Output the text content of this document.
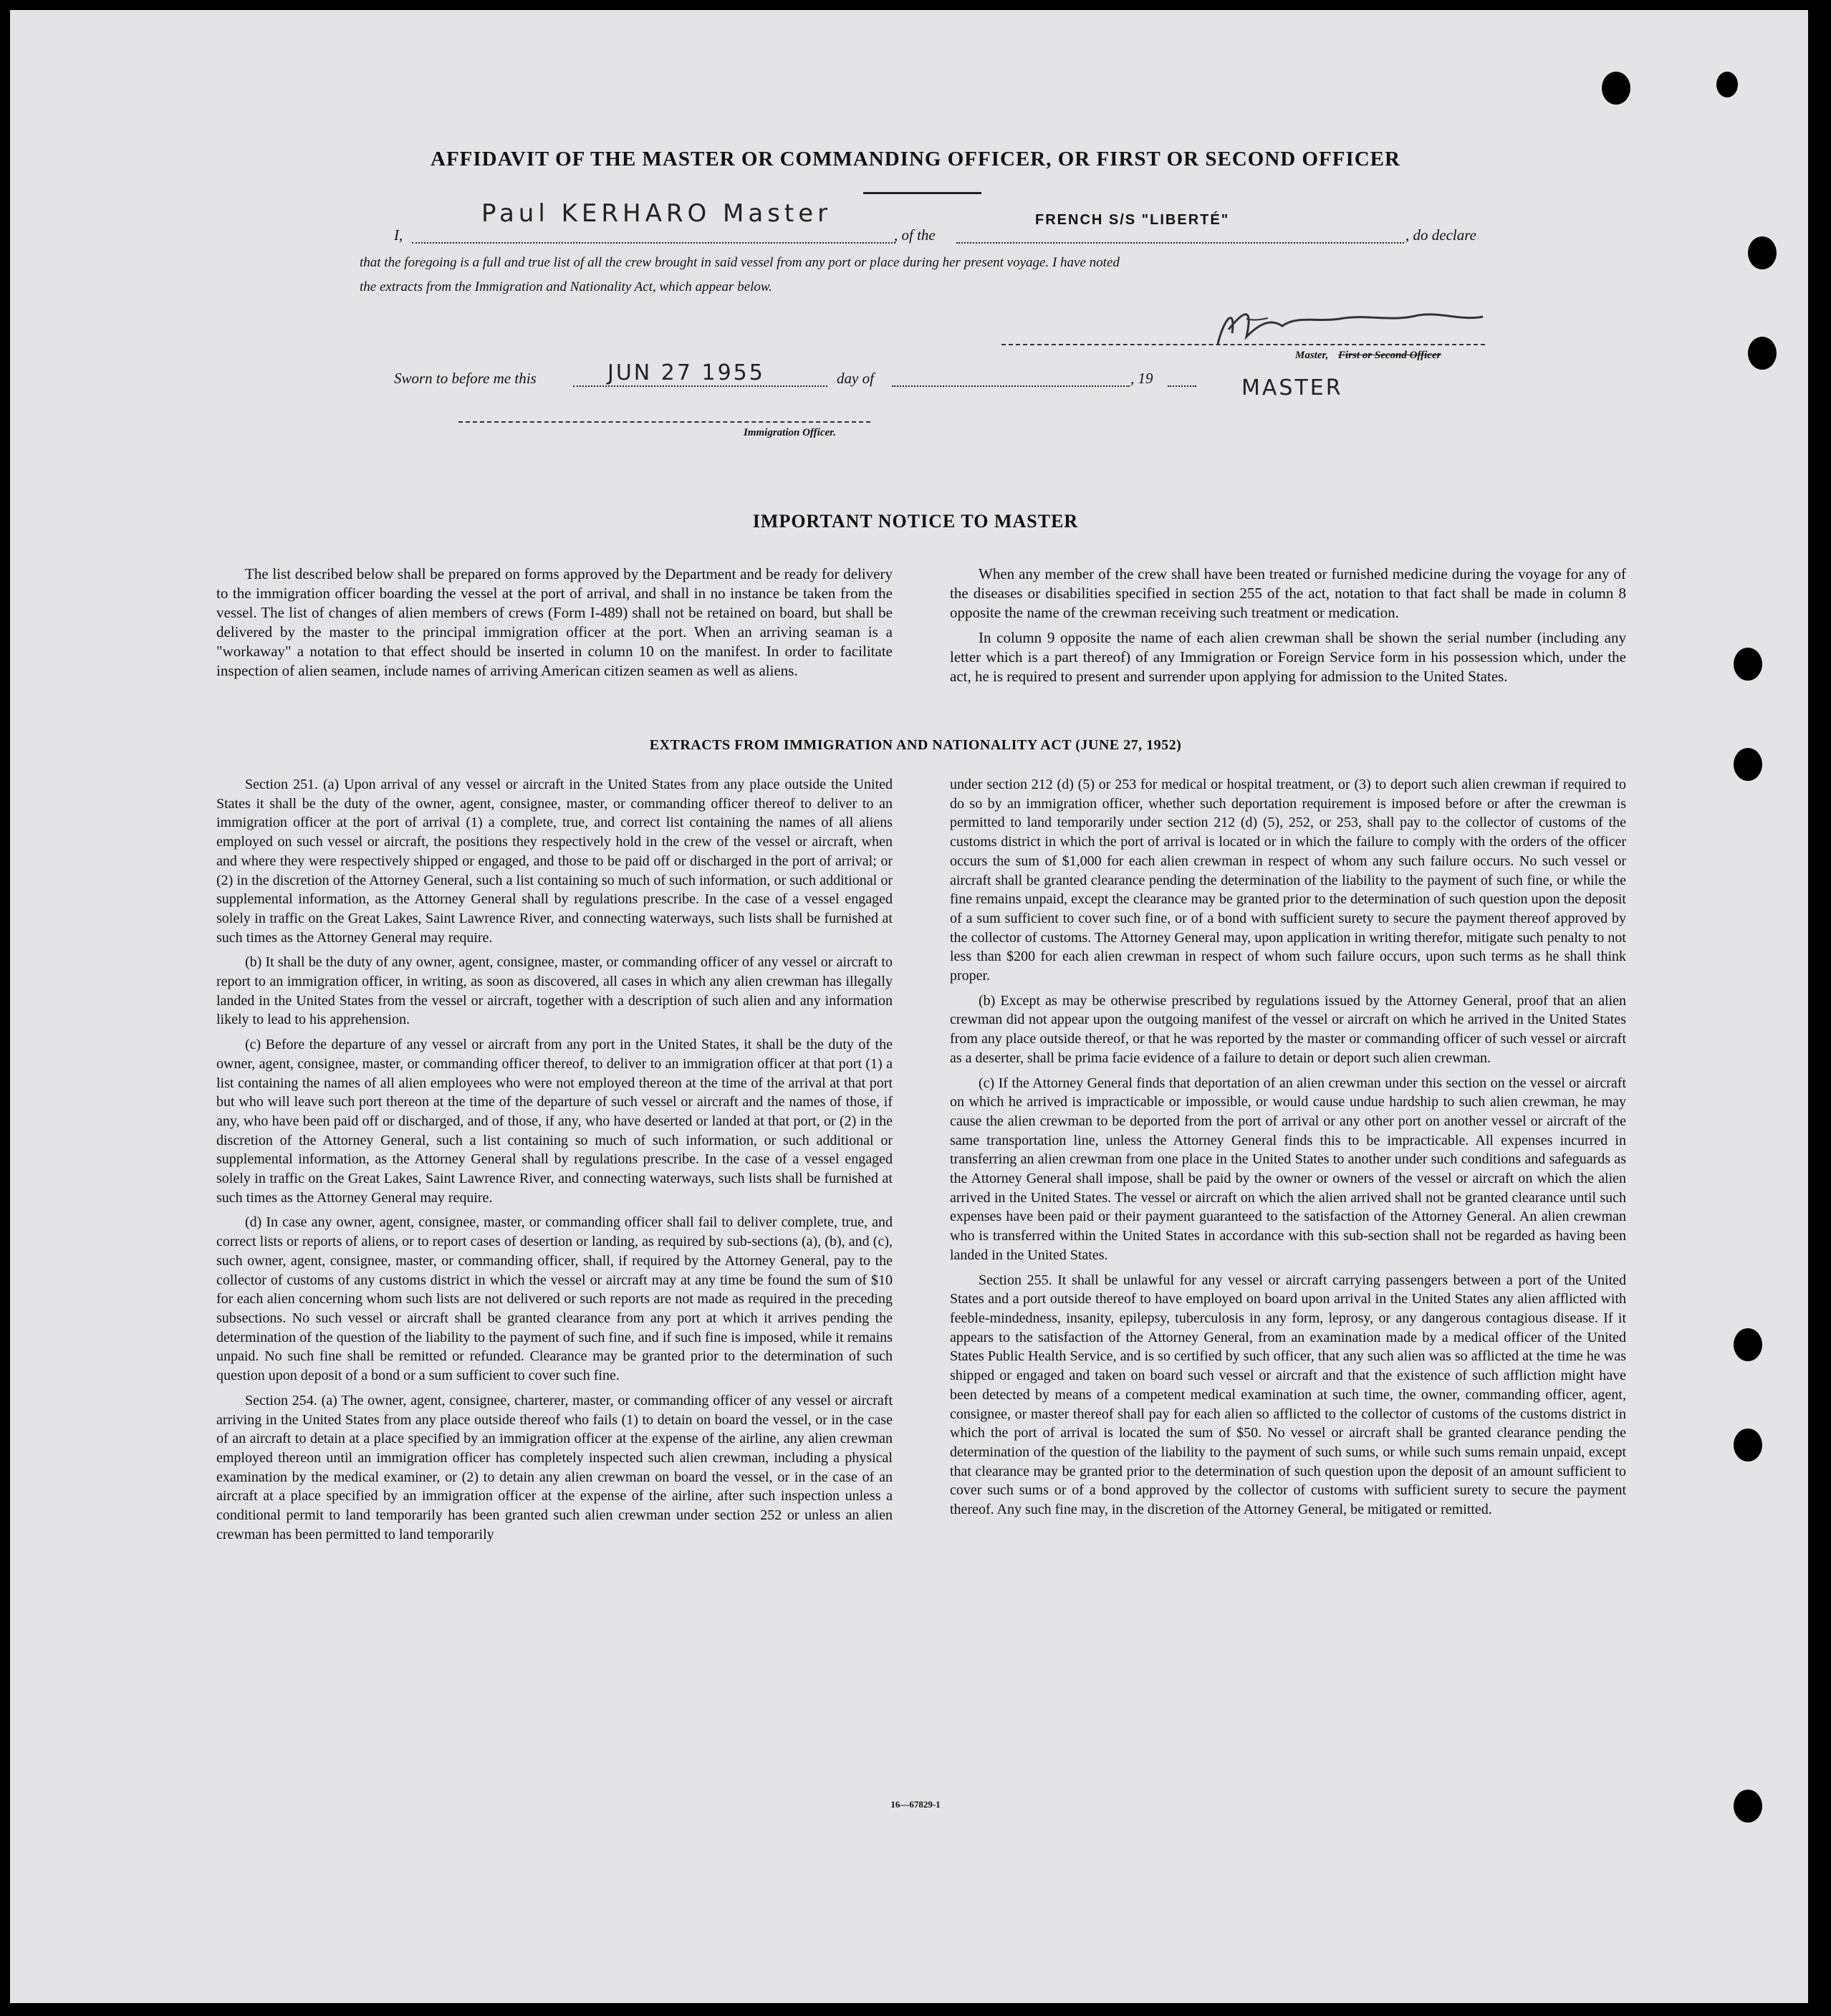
AFFIDAVIT OF THE MASTER OR COMMANDING OFFICER, OR FIRST OR SECOND OFFICER
Paul KERHARO Master
I,	, of the
FRENCH S/S "LIBERTÉ"
, do declare
that the foregoing is a full and true list of all the crew brought in said vessel from any port or place during her present voyage. I have noted
the extracts from the Immigration and Nationality Act, which appear below.
Master, First or Second Officer
Sworn to before me this	JUN 27 1955	day of	, 19	MASTER
Immigration Officer.
IMPORTANT NOTICE TO MASTER

The list described below shall be prepared on forms approved by the Department and be ready for delivery to the immigration officer boarding the vessel at the port of arrival, and shall in no instance be taken from the vessel. The list of changes of alien members of crews (Form I-489) shall not be retained on board, but shall be delivered by the master to the principal immigration officer at the port. When an arriving seaman is a "workaway" a notation to that effect should be inserted in column 10 on the manifest. In order to facilitate inspection of alien seamen, include names of arriving American citizen seamen as well as aliens.

When any member of the crew shall have been treated or furnished medicine during the voyage for any of the diseases or disabilities specified in section 255 of the act, notation to that fact shall be made in column 8 opposite the name of the crewman receiving such treatment or medication.

In column 9 opposite the name of each alien crewman shall be shown the serial number (including any letter which is a part thereof) of any Immigration or Foreign Service form in his possession which, under the act, he is required to present and surrender upon applying for admission to the United States.

EXTRACTS FROM IMMIGRATION AND NATIONALITY ACT (JUNE 27, 1952)

Section 251. (a) Upon arrival of any vessel or aircraft in the United States from any place outside the United States it shall be the duty of the owner, agent, consignee, master, or commanding officer thereof to deliver to an immigration officer at the port of arrival (1) a complete, true, and correct list containing the names of all aliens employed on such vessel or aircraft, the positions they respectively hold in the crew of the vessel or aircraft, when and where they were respectively shipped or engaged, and those to be paid off or discharged in the port of arrival; or (2) in the discretion of the Attorney General, such a list containing so much of such information, or such additional or supplemental information, as the Attorney General shall by regulations prescribe. In the case of a vessel engaged solely in traffic on the Great Lakes, Saint Lawrence River, and connecting waterways, such lists shall be furnished at such times as the Attorney General may require.

(b) It shall be the duty of any owner, agent, consignee, master, or commanding officer of any vessel or aircraft to report to an immigration officer, in writing, as soon as discovered, all cases in which any alien crewman has illegally landed in the United States from the vessel or aircraft, together with a description of such alien and any information likely to lead to his apprehension.

(c) Before the departure of any vessel or aircraft from any port in the United States, it shall be the duty of the owner, agent, consignee, master, or commanding officer thereof, to deliver to an immigration officer at that port (1) a list containing the names of all alien employees who were not employed thereon at the time of the arrival at that port but who will leave such port thereon at the time of the departure of such vessel or aircraft and the names of those, if any, who have been paid off or discharged, and of those, if any, who have deserted or landed at that port, or (2) in the discretion of the Attorney General, such a list containing so much of such information, or such additional or supplemental information, as the Attorney General shall by regulations prescribe. In the case of a vessel engaged solely in traffic on the Great Lakes, Saint Lawrence River, and connecting waterways, such lists shall be furnished at such times as the Attorney General may require.

(d) In case any owner, agent, consignee, master, or commanding officer shall fail to deliver complete, true, and correct lists or reports of aliens, or to report cases of desertion or landing, as required by sub-sections (a), (b), and (c), such owner, agent, consignee, master, or commanding officer, shall, if required by the Attorney General, pay to the collector of customs of any customs district in which the vessel or aircraft may at any time be found the sum of $10 for each alien concerning whom such lists are not delivered or such reports are not made as required in the preceding subsections. No such vessel or aircraft shall be granted clearance from any port at which it arrives pending the determination of the question of the liability to the payment of such fine, and if such fine is imposed, while it remains unpaid. No such fine shall be remitted or refunded. Clearance may be granted prior to the determination of such question upon deposit of a bond or a sum sufficient to cover such fine.

Section 254. (a) The owner, agent, consignee, charterer, master, or commanding officer of any vessel or aircraft arriving in the United States from any place outside thereof who fails (1) to detain on board the vessel, or in the case of an aircraft to detain at a place specified by an immigration officer at the expense of the airline, any alien crewman employed thereon until an immigration officer has completely inspected such alien crewman, including a physical examination by the medical examiner, or (2) to detain any alien crewman on board the vessel, or in the case of an aircraft at a place specified by an immigration officer at the expense of the airline, after such inspection unless a conditional permit to land temporarily has been granted such alien crewman under section 252 or unless an alien crewman has been permitted to land temporarily

under section 212 (d) (5) or 253 for medical or hospital treatment, or (3) to deport such alien crewman if required to do so by an immigration officer, whether such deportation requirement is imposed before or after the crewman is permitted to land temporarily under section 212 (d) (5), 252, or 253, shall pay to the collector of customs of the customs district in which the port of arrival is located or in which the failure to comply with the orders of the officer occurs the sum of $1,000 for each alien crewman in respect of whom any such failure occurs. No such vessel or aircraft shall be granted clearance pending the determination of the liability to the payment of such fine, or while the fine remains unpaid, except the clearance may be granted prior to the determination of such question upon the deposit of a sum sufficient to cover such fine, or of a bond with sufficient surety to secure the payment thereof approved by the collector of customs. The Attorney General may, upon application in writing therefor, mitigate such penalty to not less than $200 for each alien crewman in respect of whom such failure occurs, upon such terms as he shall think proper.

(b) Except as may be otherwise prescribed by regulations issued by the Attorney General, proof that an alien crewman did not appear upon the outgoing manifest of the vessel or aircraft on which he arrived in the United States from any place outside thereof, or that he was reported by the master or commanding officer of such vessel or aircraft as a deserter, shall be prima facie evidence of a failure to detain or deport such alien crewman.

(c) If the Attorney General finds that deportation of an alien crewman under this section on the vessel or aircraft on which he arrived is impracticable or impossible, or would cause undue hardship to such alien crewman, he may cause the alien crewman to be deported from the port of arrival or any other port on another vessel or aircraft of the same transportation line, unless the Attorney General finds this to be impracticable. All expenses incurred in transferring an alien crewman from one place in the United States to another under such conditions and safeguards as the Attorney General shall impose, shall be paid by the owner or owners of the vessel or aircraft on which the alien arrived in the United States. The vessel or aircraft on which the alien arrived shall not be granted clearance until such expenses have been paid or their payment guaranteed to the satisfaction of the Attorney General. An alien crewman who is transferred within the United States in accordance with this sub-section shall not be regarded as having been landed in the United States.

Section 255. It shall be unlawful for any vessel or aircraft carrying passengers between a port of the United States and a port outside thereof to have employed on board upon arrival in the United States any alien afflicted with feeble-mindedness, insanity, epilepsy, tuberculosis in any form, leprosy, or any dangerous contagious disease. If it appears to the satisfaction of the Attorney General, from an examination made by a medical officer of the United States Public Health Service, and is so certified by such officer, that any such alien was so afflicted at the time he was shipped or engaged and taken on board such vessel or aircraft and that the existence of such affliction might have been detected by means of a competent medical examination at such time, the owner, commanding officer, agent, consignee, or master thereof shall pay for each alien so afflicted to the collector of customs of the customs district in which the port of arrival is located the sum of $50. No vessel or aircraft shall be granted clearance pending the determination of the question of the liability to the payment of such sums, or while such sums remain unpaid, except that clearance may be granted prior to the determination of such question upon the deposit of an amount sufficient to cover such sums or of a bond approved by the collector of customs with sufficient surety to secure the payment thereof. Any such fine may, in the discretion of the Attorney General, be mitigated or remitted.

16—67829-1
